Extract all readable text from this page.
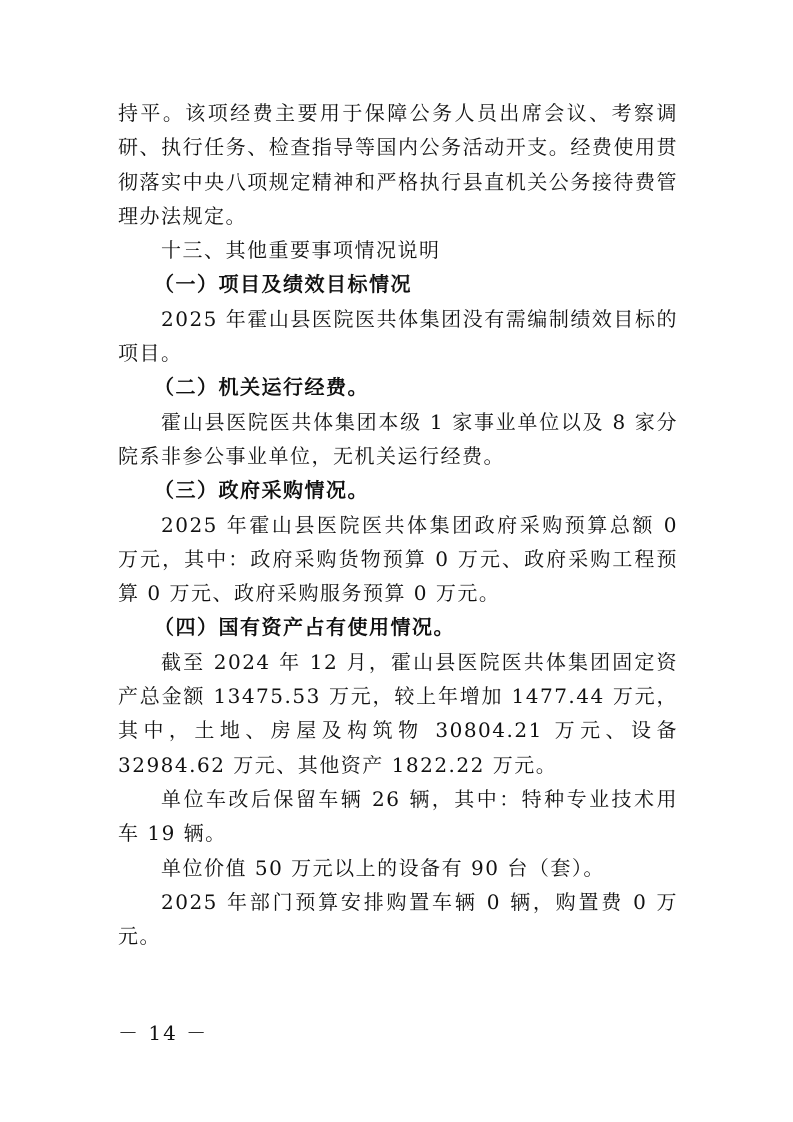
持平。该项经费主要用于保障公务人员出席会议、考察调研、执行任务、检查指导等国内公务活动开支。经费使用贯彻落实中央八项规定精神和严格执行县直机关公务接待费管理办法规定。

十三、其他重要事项情况说明

（一）项目及绩效目标情况

2025 年霍山县医院医共体集团没有需编制绩效目标的项目。

（二）机关运行经费。

霍山县医院医共体集团本级 1 家事业单位以及 8 家分院系非参公事业单位，无机关运行经费。

（三）政府采购情况。

2025 年霍山县医院医共体集团政府采购预算总额 0 万元，其中：政府采购货物预算 0 万元、政府采购工程预算 0 万元、政府采购服务预算 0 万元。

（四）国有资产占有使用情况。

截至 2024 年 12 月，霍山县医院医共体集团固定资产总金额 13475.53 万元，较上年增加 1477.44 万元，其中，土地、房屋及构筑物 30804.21 万元、设备 32984.62 万元、其他资产 1822.22 万元。

单位车改后保留车辆 26 辆，其中：特种专业技术用车 19 辆。

单位价值 50 万元以上的设备有 90 台（套）。

2025 年部门预算安排购置车辆 0 辆，购置费 0 万元。

－ 14 －
